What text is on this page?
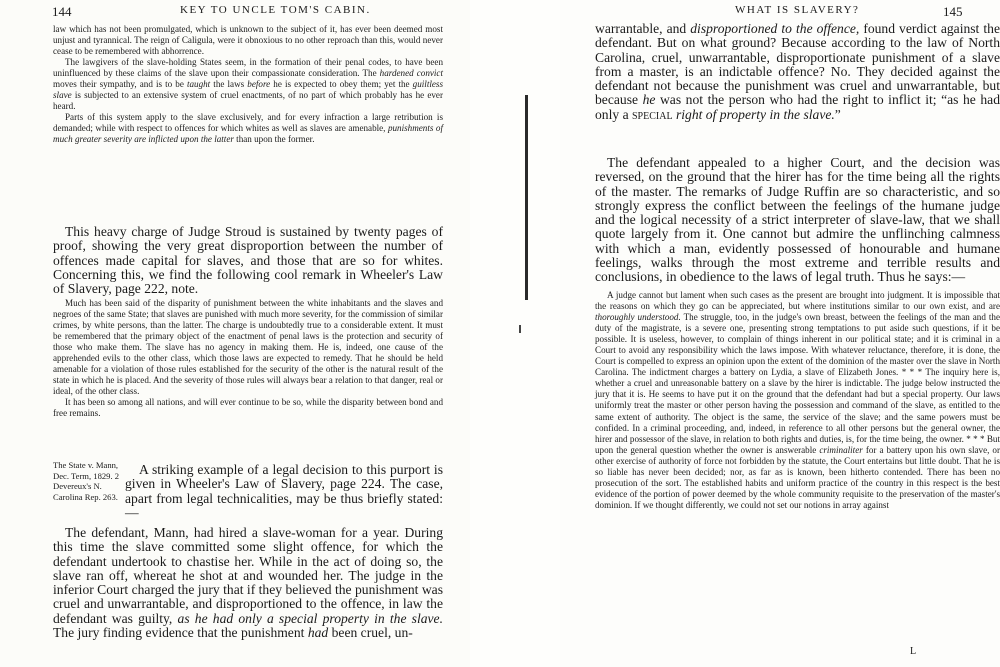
144	KEY TO UNCLE TOM'S CABIN.

law which has not been promulgated, which is unknown to the subject of it, has ever been deemed most unjust and tyrannical. The reign of Caligula, were it obnoxious to no other reproach than this, would never cease to be remembered with abhorrence.

The lawgivers of the slave-holding States seem, in the formation of their penal codes, to have been uninfluenced by these claims of the slave upon their compassionate consideration. The hardened convict moves their sympathy, and is to be taught the laws before he is expected to obey them; yet the guiltless slave is subjected to an extensive system of cruel enactments, of no part of which probably has he ever heard.

Parts of this system apply to the slave exclusively, and for every infraction a large retribution is demanded; while with respect to offences for which whites as well as slaves are amenable, punishments of much greater severity are inflicted upon the latter than upon the former.

This heavy charge of Judge Stroud is sustained by twenty pages of proof, showing the very great disproportion between the number of offences made capital for slaves, and those that are so for whites. Concerning this, we find the following cool remark in Wheeler's Law of Slavery, page 222, note.

Much has been said of the disparity of punishment between the white inhabitants and the slaves and negroes of the same State; that slaves are punished with much more severity, for the commission of similar crimes, by white persons, than the latter. The charge is undoubtedly true to a considerable extent. It must be remembered that the primary object of the enactment of penal laws is the protection and security of those who make them. The slave has no agency in making them. He is, indeed, one cause of the apprehended evils to the other class, which those laws are expected to remedy. That he should be held amenable for a violation of those rules established for the security of the other is the natural result of the state in which he is placed. And the severity of those rules will always bear a relation to that danger, real or ideal, of the other class.

It has been so among all nations, and will ever continue to be so, while the disparity between bond and free remains.

The State v. Mann, Dec. Term, 1829. 2 Devereux's N. Carolina Rep. 263.
A striking example of a legal decision to this purport is given in Wheeler's Law of Slavery, page 224. The case, apart from legal technicalities, may be thus briefly stated:—
The defendant, Mann, had hired a slave-woman for a year. During this time the slave committed some slight offence, for which the defendant undertook to chastise her. While in the act of doing so, the slave ran off, whereat he shot at and wounded her. The judge in the inferior Court charged the jury that if they believed the punishment was cruel and unwarrantable, and disproportioned to the offence, in law the defendant was guilty, as he had only a special property in the slave. The jury finding evidence that the punishment had been cruel, un-
WHAT IS SLAVERY?	145
warrantable, and disproportioned to the offence, found verdict against the defendant. But on what ground? Because according to the law of North Carolina, cruel, unwarrantable, disproportionate punishment of a slave from a master, is an indictable offence? No. They decided against the defendant not because the punishment was cruel and unwarrantable, but because he was not the person who had the right to inflict it; “as he had only a special right of property in the slave.”
The defendant appealed to a higher Court, and the decision was reversed, on the ground that the hirer has for the time being all the rights of the master. The remarks of Judge Ruffin are so characteristic, and so strongly express the conflict between the feelings of the humane judge and the logical necessity of a strict interpreter of slave-law, that we shall quote largely from it. One cannot but admire the unflinching calmness with which a man, evidently possessed of honourable and humane feelings, walks through the most extreme and terrible results and conclusions, in obedience to the laws of legal truth. Thus he says:—
A judge cannot but lament when such cases as the present are brought into judgment. It is impossible that the reasons on which they go can be appreciated, but where institutions similar to our own exist, and are thoroughly understood. The struggle, too, in the judge's own breast, between the feelings of the man and the duty of the magistrate, is a severe one, presenting strong temptations to put aside such questions, if it be possible. It is useless, however, to complain of things inherent in our political state; and it is criminal in a Court to avoid any responsibility which the laws impose. With whatever reluctance, therefore, it is done, the Court is compelled to express an opinion upon the extent of the dominion of the master over the slave in North Carolina. The indictment charges a battery on Lydia, a slave of Elizabeth Jones. * * * The inquiry here is, whether a cruel and unreasonable battery on a slave by the hirer is indictable. The judge below instructed the jury that it is. He seems to have put it on the ground that the defendant had but a special property. Our laws uniformly treat the master or other person having the possession and command of the slave, as entitled to the same extent of authority. The object is the same, the service of the slave; and the same powers must be confided. In a criminal proceeding, and, indeed, in reference to all other persons but the general owner, the hirer and possessor of the slave, in relation to both rights and duties, is, for the time being, the owner. * * * But upon the general question whether the owner is answerable criminaliter for a battery upon his own slave, or other exercise of authority of force not forbidden by the statute, the Court entertains but little doubt. That he is so liable has never been decided; nor, as far as is known, been hitherto contended. There has been no prosecution of the sort. The established habits and uniform practice of the country in this respect is the best evidence of the portion of power deemed by the whole community requisite to the preservation of the master's dominion. If we thought differently, we could not set our notions in array against
L
